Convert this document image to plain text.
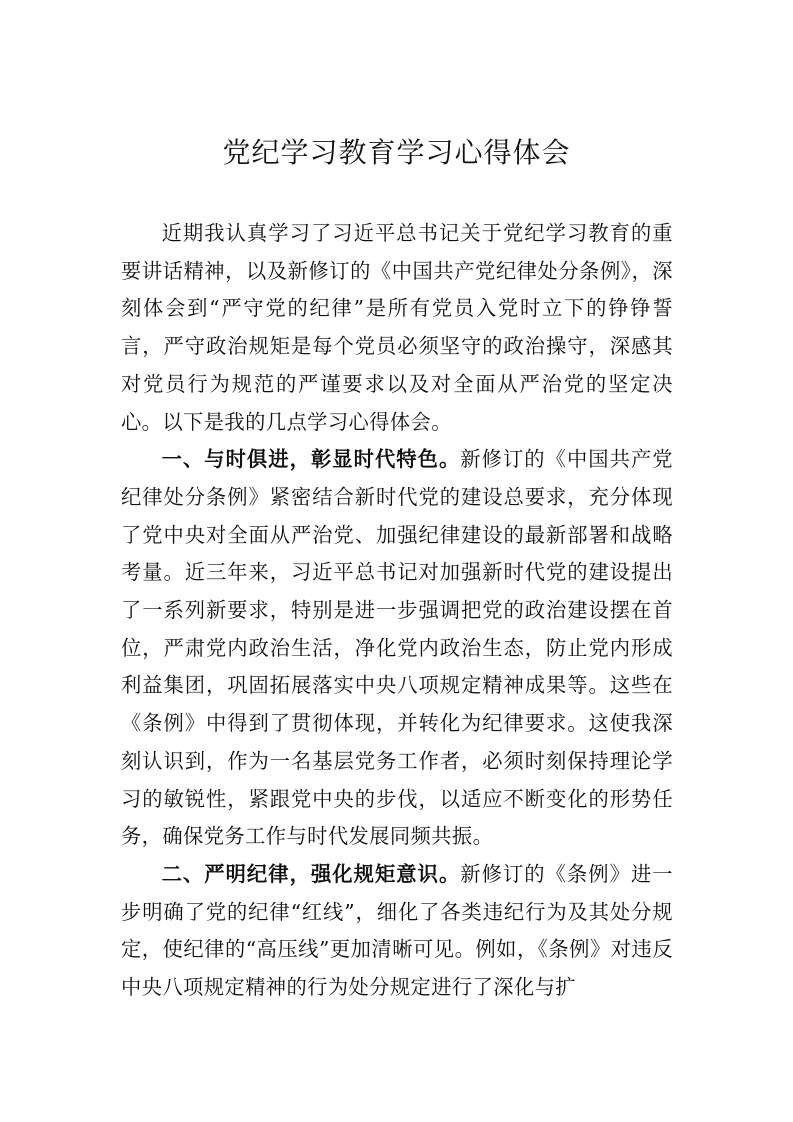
党纪学习教育学习心得体会

近期我认真学习了习近平总书记关于党纪学习教育的重要讲话精神，以及新修订的《中国共产党纪律处分条例》，深刻体会到“严守党的纪律”是所有党员入党时立下的铮铮誓言，严守政治规矩是每个党员必须坚守的政治操守，深感其对党员行为规范的严谨要求以及对全面从严治党的坚定决心。以下是我的几点学习心得体会。

一、与时俱进，彰显时代特色。新修订的《中国共产党纪律处分条例》紧密结合新时代党的建设总要求，充分体现了党中央对全面从严治党、加强纪律建设的最新部署和战略考量。近三年来，习近平总书记对加强新时代党的建设提出了一系列新要求，特别是进一步强调把党的政治建设摆在首位，严肃党内政治生活，净化党内政治生态，防止党内形成利益集团，巩固拓展落实中央八项规定精神成果等。这些在《条例》中得到了贯彻体现，并转化为纪律要求。这使我深刻认识到，作为一名基层党务工作者，必须时刻保持理论学习的敏锐性，紧跟党中央的步伐，以适应不断变化的形势任务，确保党务工作与时代发展同频共振。

二、严明纪律，强化规矩意识。新修订的《条例》进一步明确了党的纪律“红线”，细化了各类违纪行为及其处分规定，使纪律的“高压线”更加清晰可见。例如，《条例》对违反中央八项规定精神的行为处分规定进行了深化与扩
